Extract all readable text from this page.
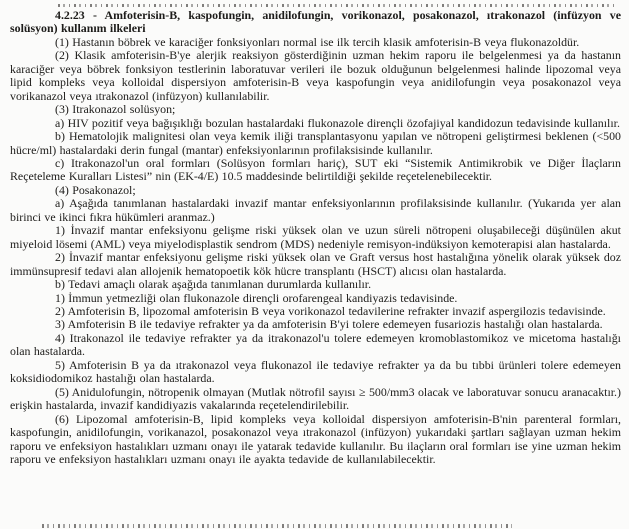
4.2.23 - Amfoterisin-B, kaspofungin, anidilofungin, vorikonazol, posakonazol, ıtrakonazol (infüzyon ve solüsyon) kullanım ilkeleri

(1) Hastanın böbrek ve karaciğer fonksiyonları normal ise ilk tercih klasik amfoterisin-B veya flukonazoldür.

(2) Klasik amfoterisin-B'ye alerjik reaksiyon gösterdiğinin uzman hekim raporu ile belgelenmesi ya da hastanın karaciğer veya böbrek fonksiyon testlerinin laboratuvar verileri ile bozuk olduğunun belgelenmesi halinde lipozomal veya lipid kompleks veya kolloidal dispersiyon amfoterisin-B veya kaspofungin veya anidilofungin veya posakonazol veya vorikanazol veya ıtrakonazol (infüzyon) kullanılabilir.

(3) Itrakonazol solüsyon;

a) HIV pozitif veya bağışıklığı bozulan hastalardaki flukonazole dirençli özofajiyal kandidozun tedavisinde kullanılır.

b) Hematolojik malignitesi olan veya kemik iliği transplantasyonu yapılan ve nötropeni geliştirmesi beklenen (<500 hücre/ml) hastalardaki derin fungal (mantar) enfeksiyonlarının profilaksisinde kullanılır.

c) Itrakonazol'un oral formları (Solüsyon formları hariç), SUT eki “Sistemik Antimikrobik ve Diğer İlaçların Reçeteleme Kuralları Listesi” nin (EK-4/E) 10.5 maddesinde belirtildiği şekilde reçetelenebilecektir.

(4) Posakonazol;

a) Aşağıda tanımlanan hastalardaki invazif mantar enfeksiyonlarının profilaksisinde kullanılır. (Yukarıda yer alan birinci ve ikinci fıkra hükümleri aranmaz.)

1) İnvazif mantar enfeksiyonu gelişme riski yüksek olan ve uzun süreli nötropeni oluşabileceği düşünülen akut miyeloid lösemi (AML) veya miyelodisplastik sendrom (MDS) nedeniyle remisyon-indüksiyon kemoterapisi alan hastalarda.

2) İnvazif mantar enfeksiyonu gelişme riski yüksek olan ve Graft versus host hastalığına yönelik olarak yüksek doz immünsupresif tedavi alan allojenik hematopoetik kök hücre transplantı (HSCT) alıcısı olan hastalarda.

b) Tedavi amaçlı olarak aşağıda tanımlanan durumlarda kullanılır.

1) İmmun yetmezliği olan flukonazole dirençli orofarengeal kandiyazis tedavisinde.

2) Amfoterisin B, lipozomal amfoterisin B veya vorikonazol tedavilerine refrakter invazif aspergilozis tedavisinde.

3) Amfoterisin B ile tedaviye refrakter ya da amfoterisin B'yi tolere edemeyen fusariozis hastalığı olan hastalarda.

4) Itrakonazol ile tedaviye refrakter ya da itrakonazol'u tolere edemeyen kromoblastomikoz ve micetoma hastalığı olan hastalarda.

5) Amfoterisin B ya da ıtrakonazol veya flukonazol ile tedaviye refrakter ya da bu tıbbi ürünleri tolere edemeyen koksidiodomikoz hastalığı olan hastalarda.

(5) Anidulofungin, nötropenik olmayan (Mutlak nötrofil sayısı ≥ 500/mm3 olacak ve laboratuvar sonucu aranacaktır.) erişkin hastalarda, invazif kandidiyazis vakalarında reçetelendirilebilir.

(6) Lipozomal amfoterisin-B, lipid kompleks veya kolloidal dispersiyon amfoterisin-B'nin parenteral formları, kaspofungin, anidilofungin, vorikanazol, posakonazol veya ıtrakonazol (infüzyon) yukarıdaki şartları sağlayan uzman hekim raporu ve enfeksiyon hastalıkları uzmanı onayı ile yatarak tedavide kullanılır. Bu ilaçların oral formları ise yine uzman hekim raporu ve enfeksiyon hastalıkları uzmanı onayı ile ayakta tedavide de kullanılabilecektir.
